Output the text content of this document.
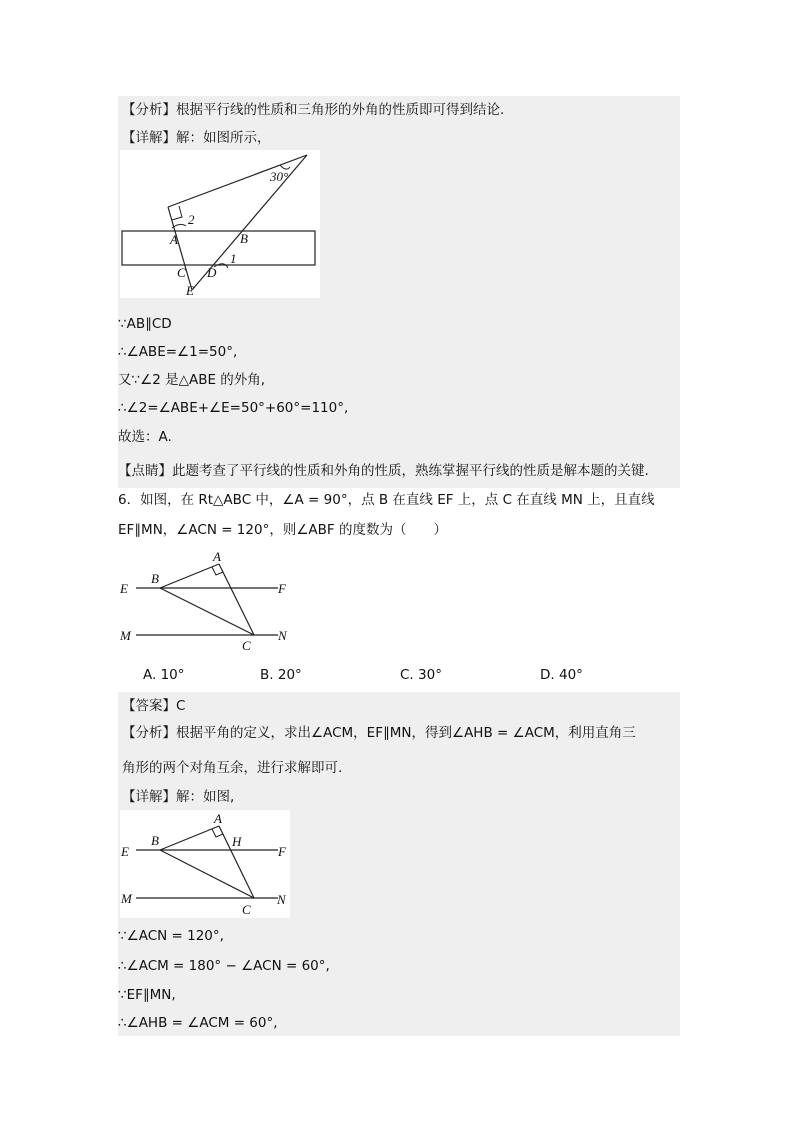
【分析】根据平行线的性质和三角形的外角的性质即可得到结论.
【详解】解：如图所示，
30°
2
A	B
C D
1
E
∵AB∥CD
∴∠ABE=∠1=50°,
又∵∠2 是△ABE 的外角,
∴∠2=∠ABE+∠E=50°+60°=110°,
故选：A.
【点睛】此题考查了平行线的性质和外角的性质，熟练掌握平行线的性质是解本题的关键.
6．如图，在 Rt△ABC 中，∠A = 90°，点 B 在直线 EF 上，点 C 在直线 MN 上，且直线
EF∥MN，∠ACN = 120°，则∠ABF 的度数为（　　）
A
B
E	F
M	N
C
A. 10°	B. 20°	C. 30°	D. 40°
【答案】C
【分析】根据平角的定义，求出∠ACM，EF∥MN，得到∠AHB = ∠ACM，利用直角三
角形的两个对角互余，进行求解即可.
【详解】解：如图,
A
H
B
E	F
M	N
C
∵∠ACN = 120°,
∴∠ACM = 180° − ∠ACN = 60°,
∵EF∥MN,
∴∠AHB = ∠ACM = 60°,
